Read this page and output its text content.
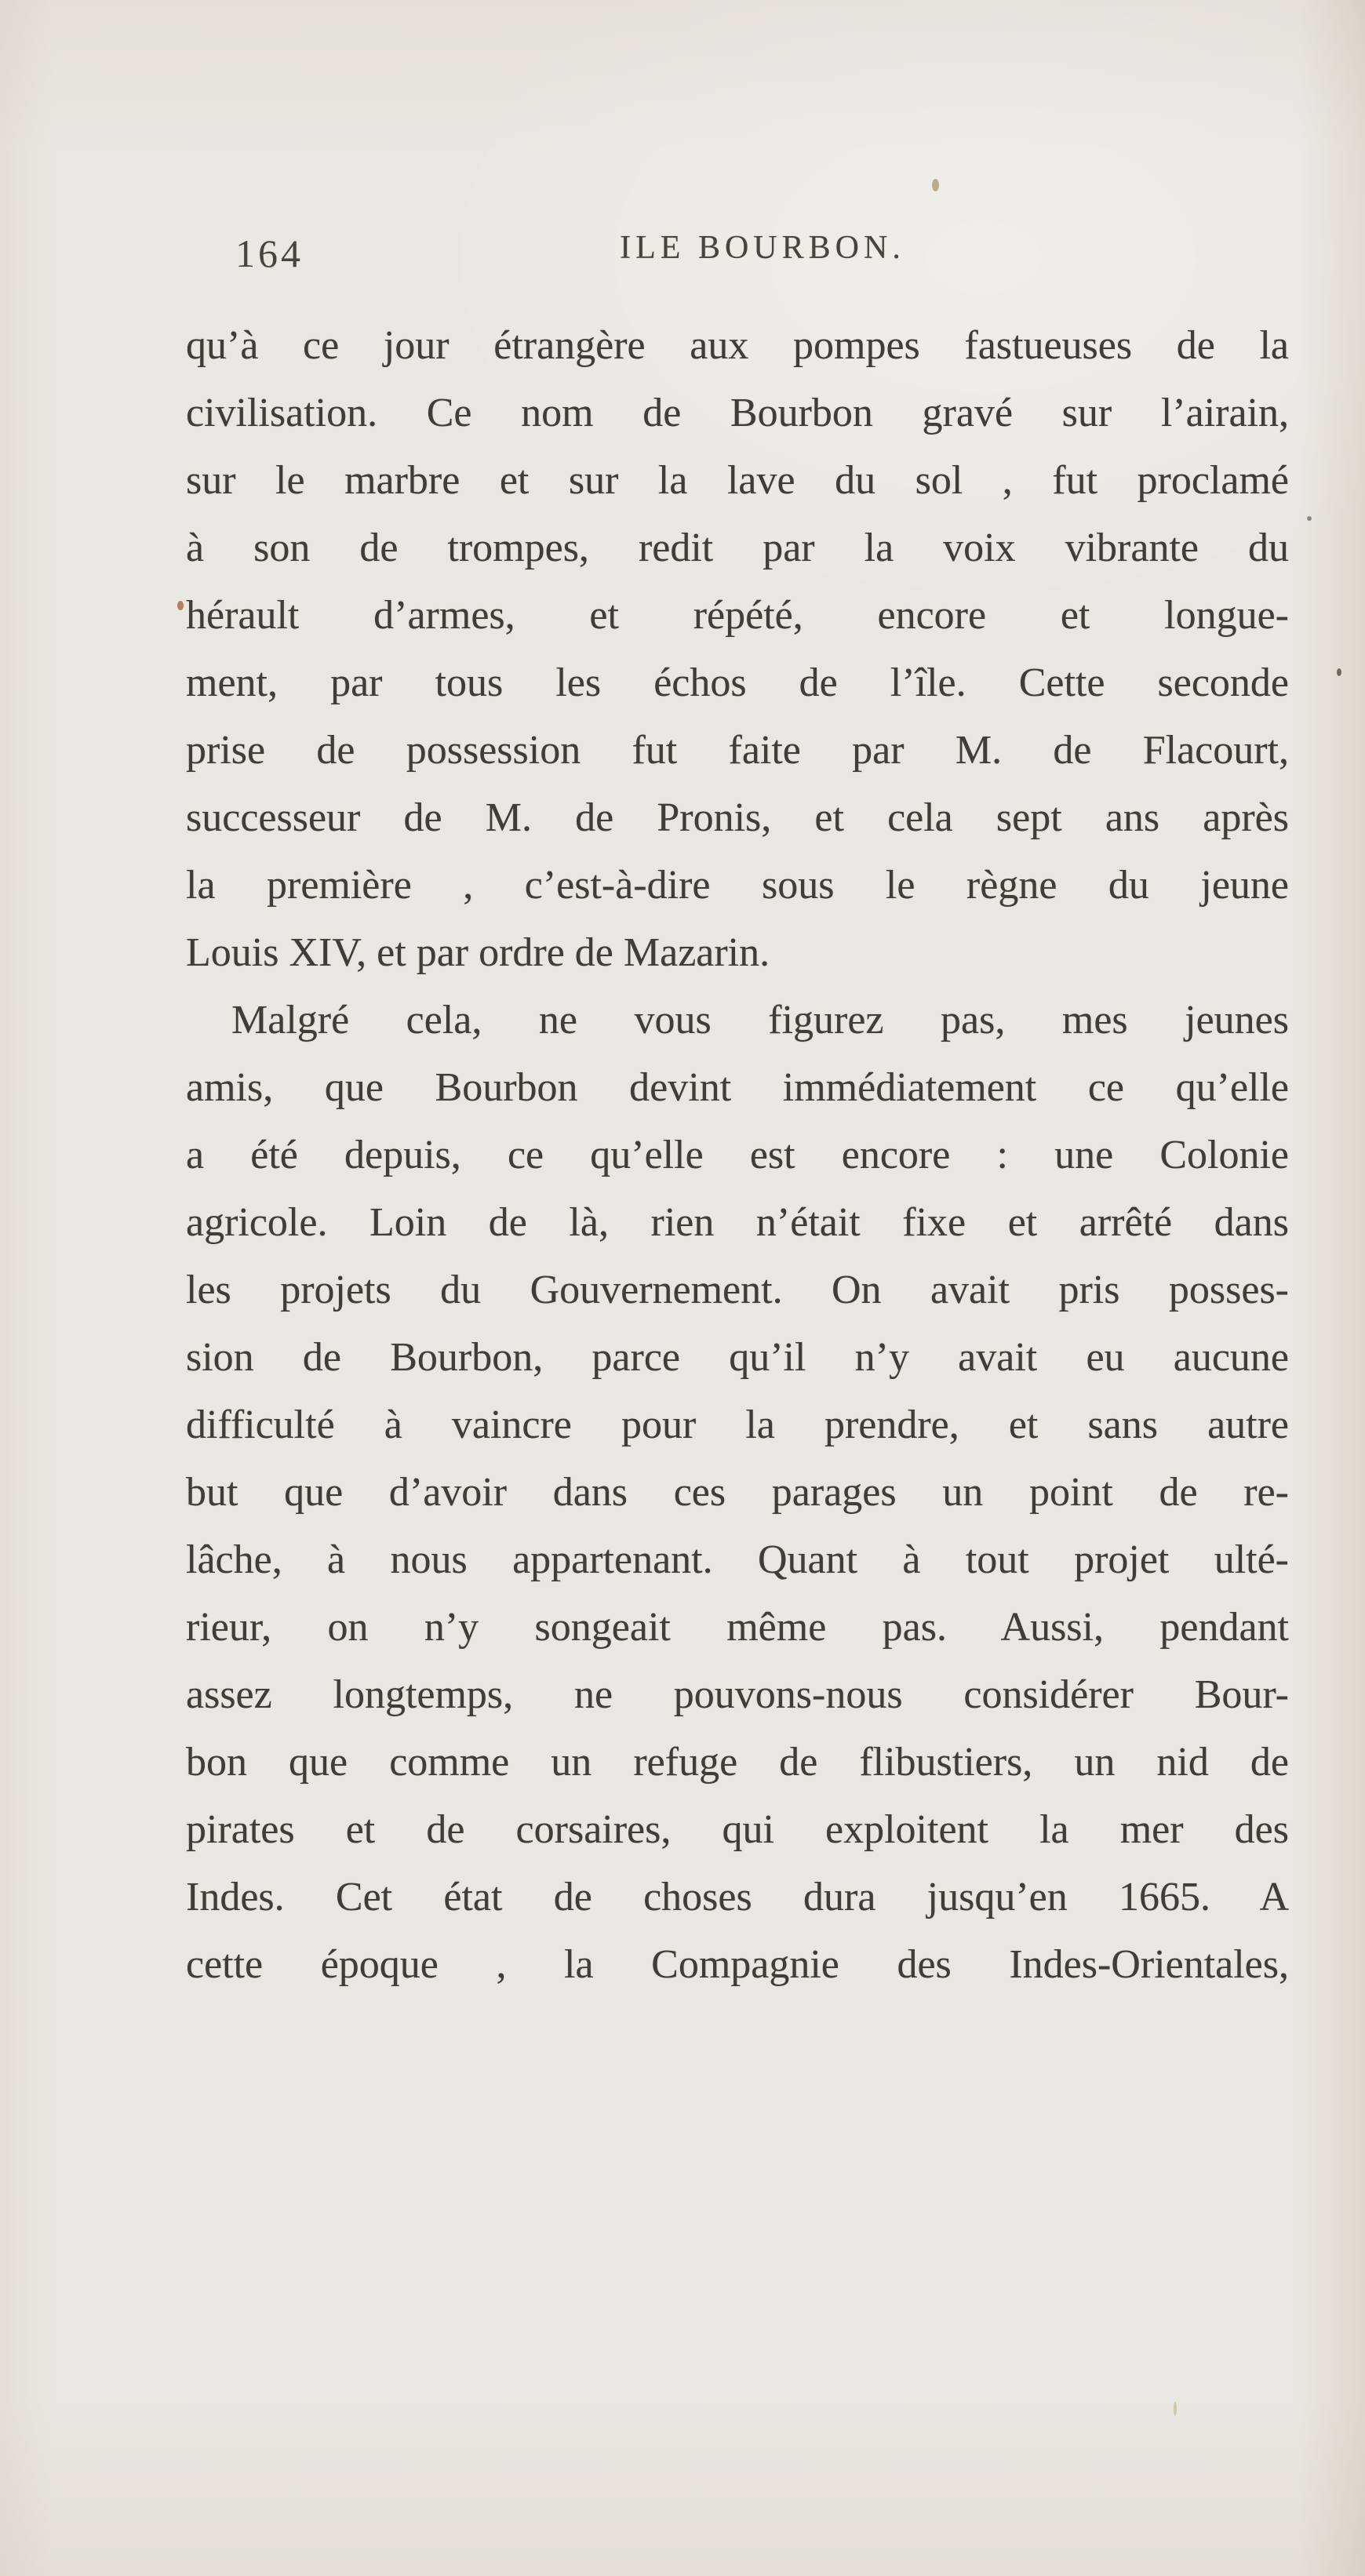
164	ILE BOURBON.
qu’à ce jour étrangère aux pompes fastueuses de la
civilisation. Ce nom de Bourbon gravé sur l’airain,
sur le marbre et sur la lave du sol , fut proclamé
à son de trompes, redit par la voix vibrante du
hérault d’armes, et répété, encore et longue-
ment, par tous les échos de l’île. Cette seconde
prise de possession fut faite par M. de Flacourt,
successeur de M. de Pronis, et cela sept ans après
la première , c’est-à-dire sous le règne du jeune
Louis XIV, et par ordre de Mazarin.
Malgré cela, ne vous figurez pas, mes jeunes
amis, que Bourbon devint immédiatement ce qu’elle
a été depuis, ce qu’elle est encore : une Colonie
agricole. Loin de là, rien n’était fixe et arrêté dans
les projets du Gouvernement. On avait pris posses-
sion de Bourbon, parce qu’il n’y avait eu aucune
difficulté à vaincre pour la prendre, et sans autre
but que d’avoir dans ces parages un point de re-
lâche, à nous appartenant. Quant à tout projet ulté-
rieur, on n’y songeait même pas. Aussi, pendant
assez longtemps, ne pouvons-nous considérer Bour-
bon que comme un refuge de flibustiers, un nid de
pirates et de corsaires, qui exploitent la mer des
Indes. Cet état de choses dura jusqu’en 1665. A
cette époque , la Compagnie des Indes-Orientales,
